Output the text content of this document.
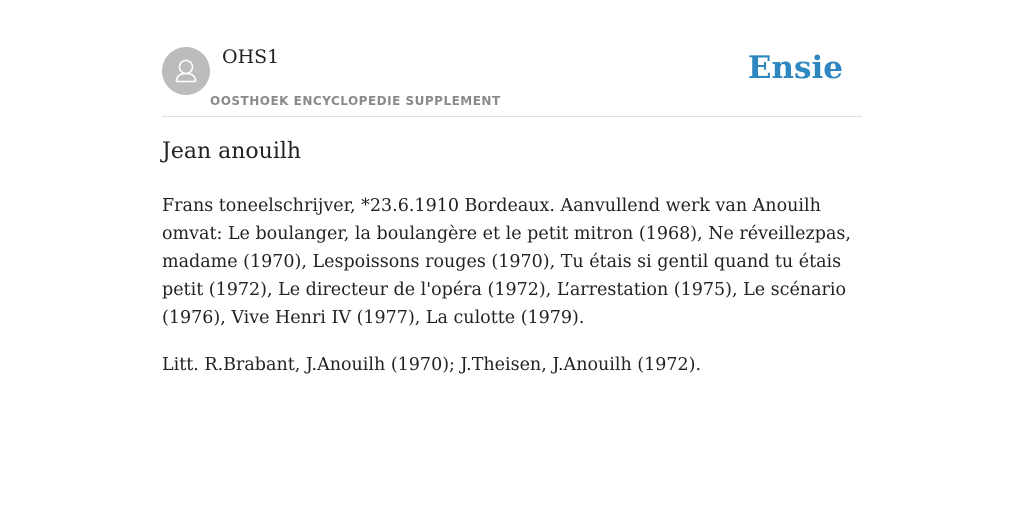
OHS1
OOSTHOEK ENCYCLOPEDIE SUPPLEMENT
Ensie
Jean anouilh

Frans toneelschrijver, *23.6.1910 Bordeaux. Aanvullend werk van Anouilh omvat: Le boulanger, la boulangère et le petit mitron (1968), Ne réveillezpas, madame (1970), Lespoissons rouges (1970), Tu étais si gentil quand tu étais petit (1972), Le directeur de l'opéra (1972), L’arrestation (1975), Le scénario (1976), Vive Henri IV (1977), La culotte (1979).

Litt. R.Brabant, J.Anouilh (1970); J.Theisen, J.Anouilh (1972).
